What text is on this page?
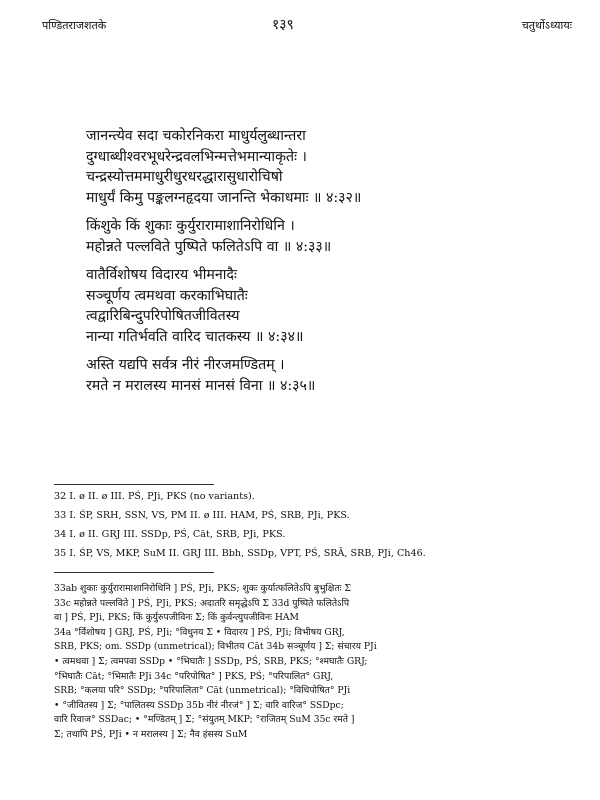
पण्डितराजशतके	१३९	चतुर्थोऽध्यायः
जानन्त्येव सदा चकोरनिकरा माधुर्यलुब्धान्तरा
दुग्धाब्धीश्वरभूधरेन्द्रवलभिन्मत्तेभमान्याकृतेः ।
चन्द्रस्योत्तममाधुरीधुरधरद्धारासुधारोचिषो
माधुर्यं किमु पङ्कलग्नहृदया जानन्ति भेकाधमाः ॥ ४:३२॥
किंशुके किं शुकाः कुर्युरारामाशानिरोधिनि ।
महोन्नते पल्लविते पुष्पिते फलितेऽपि वा ॥ ४:३३॥
वातैर्विशोषय विदारय भीमनादैः
सञ्चूर्णय त्वमथवा करकाभिघातैः
त्वद्वारिबिन्दुपरिपोषितजीवितस्य
नान्या गतिर्भवति वारिद चातकस्य ॥ ४:३४॥
अस्ति यद्यपि सर्वत्र नीरं नीरजमण्डितम् ।
रमते न मरालस्य मानसं मानसं विना ॥ ४:३५॥
32 I. ø II. ø III. PŚ, PJi, PKS (no variants).
33 I. ŚP, SRH, SSN, VS, PM II. ø III. HAM, PŚ, SRB, PJi, PKS.
34 I. ø II. GRJ III. SSDp, PŚ, Cāt, SRB, PJi, PKS.
35 I. ŚP, VS, MKP, SuM II. GRJ III. Bbh, SSDp, VPT, PŚ, SRĀ, SRB, PJi, Ch46.
33ab शुकाः कुर्युरारामाशानिरोधिनि ] PŚ, PJi, PKS; शुकः कुर्यात्फलितेऽपि बुभुक्षितः Σ
33c महोन्नते पल्लविते ] PŚ, PJi, PKS; अदातरि समृद्धेऽपि Σ 33d पुष्पिते फलितेऽपि
वा ] PŚ, PJi, PKS; किं कुर्युरुपजीविनः Σ; किं कुर्वन्त्युपजीविनः HAM
34a °र्विशोषय ] GRJ, PŚ, PJi; °विधुनय Σ • विदारय ] PŚ, PJi; विभीषय GRJ,
SRB, PKS; om. SSDp (unmetrical); विभीतय Cāt 34b सञ्चूर्णय ] Σ; संचारय PJi
• त्वमथवा ] Σ; त्वमपवा SSDp • °भिघातैः ] SSDp, PŚ, SRB, PKS; °श्मघातैः GRJ;
°भिघातैः Cāt; °भिमातैः PJi 34c °परिपोषित° ] PKS, PŚ; °परिपालित° GRJ,
SRB; °कलया परि° SSDp; °परिपालिता° Cāt (unmetrical); °विधिपोषित° PJi
• °जीवितस्य ] Σ; °पालितस्य SSDp 35b नीरं नीरजं° ] Σ; वारि वारिज° SSDpc;
वारि रिवाज° SSDac; • °मण्डितम् ] Σ; °संयुतम् MKP; °राजितम् SuM 35c रमते ]
Σ; तथापि PŚ, PJi • न मरालस्य ] Σ; नैव हंसस्य SuM
